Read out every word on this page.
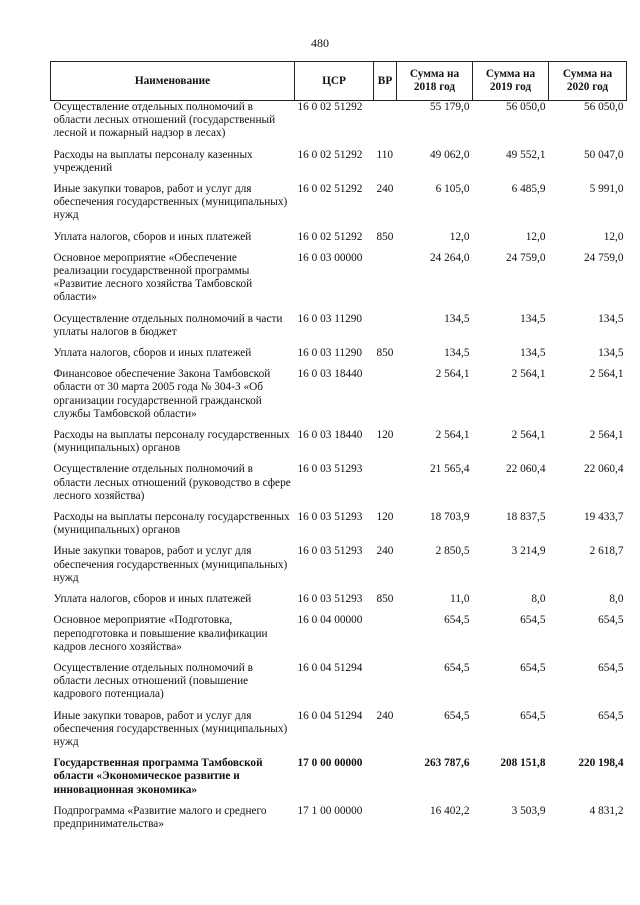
480
Наименование	ЦСР	ВР	Сумма на 2018 год	Сумма на 2019 год	Сумма на 2020 год
Осуществление отдельных полномочий в области лесных отношений (государственный лесной и пожарный надзор в лесах)	16 0 02 51292		55 179,0	56 050,0	56 050,0
Расходы на выплаты персоналу казенных учреждений	16 0 02 51292	110	49 062,0	49 552,1	50 047,0
Иные закупки товаров, работ и услуг для обеспечения государственных (муниципальных) нужд	16 0 02 51292	240	6 105,0	6 485,9	5 991,0
Уплата налогов, сборов и иных платежей	16 0 02 51292	850	12,0	12,0	12,0
Основное мероприятие «Обеспечение реализации государственной программы «Развитие лесного хозяйства Тамбовской области»	16 0 03 00000		24 264,0	24 759,0	24 759,0
Осуществление отдельных полномочий в части уплаты налогов в бюджет	16 0 03 11290		134,5	134,5	134,5
Уплата налогов, сборов и иных платежей	16 0 03 11290	850	134,5	134,5	134,5
Финансовое обеспечение Закона Тамбовской области от 30 марта 2005 года № 304-З «Об организации государственной гражданской службы Тамбовской области»	16 0 03 18440		2 564,1	2 564,1	2 564,1
Расходы на выплаты персоналу государственных (муниципальных) органов	16 0 03 18440	120	2 564,1	2 564,1	2 564,1
Осуществление отдельных полномочий в области лесных отношений (руководство в сфере лесного хозяйства)	16 0 03 51293		21 565,4	22 060,4	22 060,4
Расходы на выплаты персоналу государственных (муниципальных) органов	16 0 03 51293	120	18 703,9	18 837,5	19 433,7
Иные закупки товаров, работ и услуг для обеспечения государственных (муниципальных) нужд	16 0 03 51293	240	2 850,5	3 214,9	2 618,7
Уплата налогов, сборов и иных платежей	16 0 03 51293	850	11,0	8,0	8,0
Основное мероприятие «Подготовка, переподготовка и повышение квалификации кадров лесного хозяйства»	16 0 04 00000		654,5	654,5	654,5
Осуществление отдельных полномочий в области лесных отношений (повышение кадрового потенциала)	16 0 04 51294		654,5	654,5	654,5
Иные закупки товаров, работ и услуг для обеспечения государственных (муниципальных) нужд	16 0 04 51294	240	654,5	654,5	654,5
Государственная программа Тамбовской области «Экономическое развитие и инновационная экономика»	17 0 00 00000		263 787,6	208 151,8	220 198,4
Подпрограмма «Развитие малого и среднего предпринимательства»	17 1 00 00000		16 402,2	3 503,9	4 831,2
